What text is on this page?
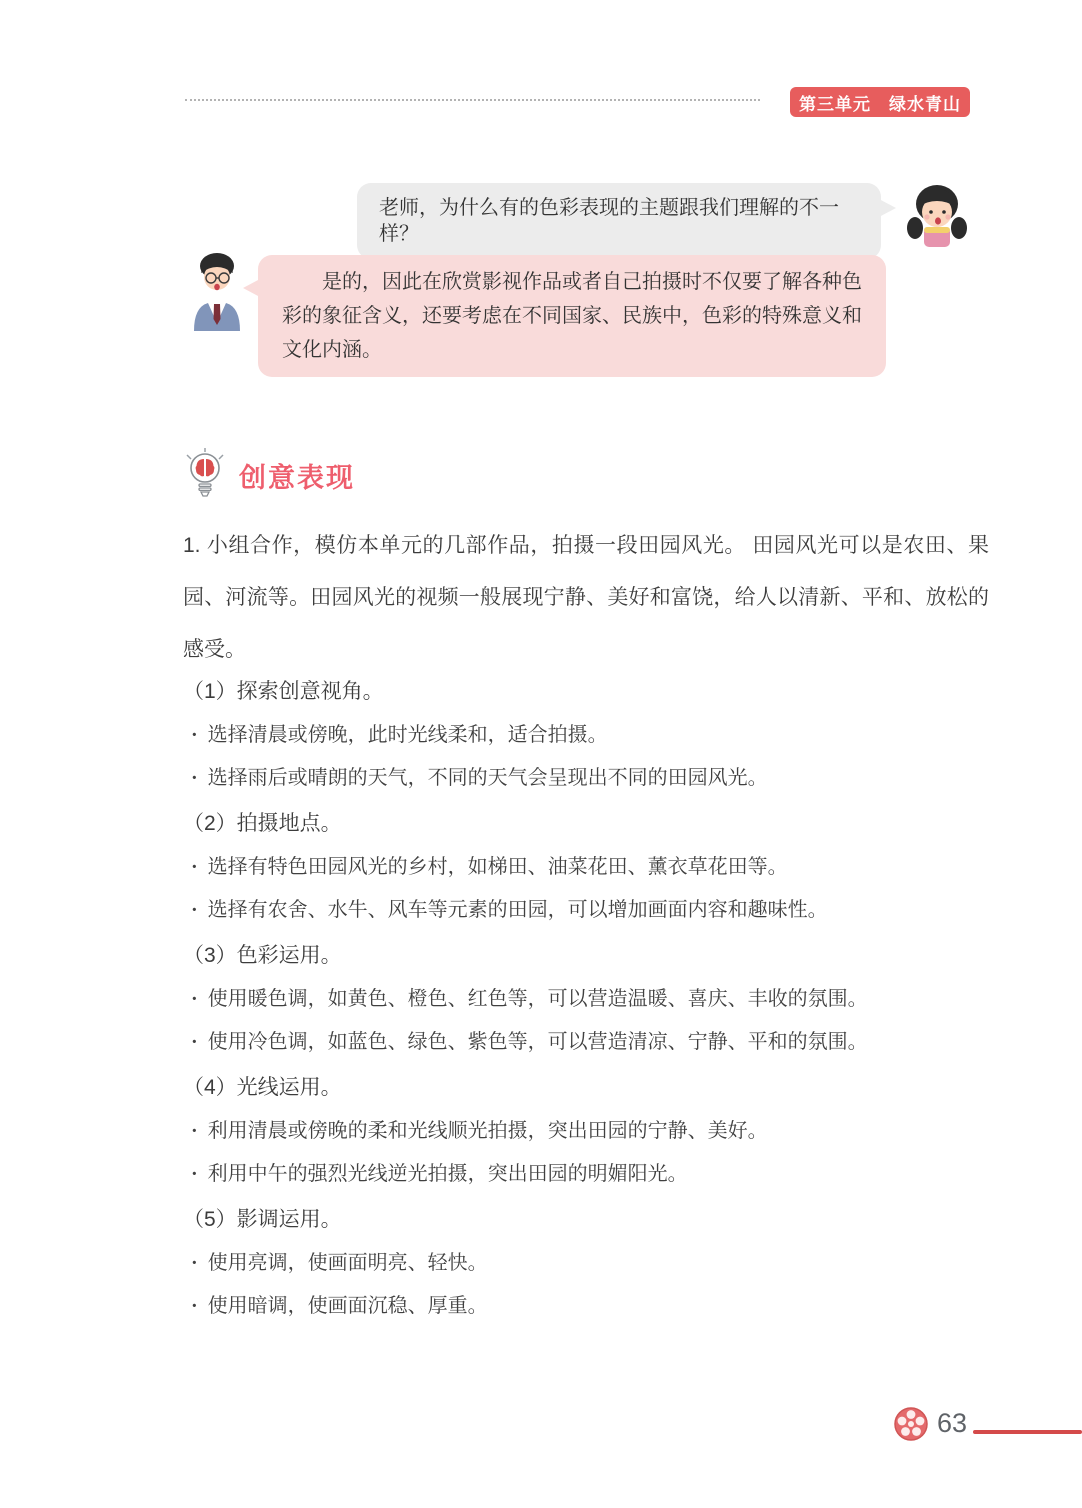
第三单元　绿水青山
老师，为什么有的色彩表现的主题跟我们理解的不一样？
是的，因此在欣赏影视作品或者自己拍摄时不仅要了解各种色彩的象征含义，还要考虑在不同国家、民族中，色彩的特殊意义和文化内涵。
创意表现

1. 小组合作，模仿本单元的几部作品，拍摄一段田园风光。 田园风光可以是农田、果园、河流等。田园风光的视频一般展现宁静、美好和富饶，给人以清新、平和、放松的感受。

（1）探索创意视角。
· 选择清晨或傍晚，此时光线柔和，适合拍摄。
· 选择雨后或晴朗的天气，不同的天气会呈现出不同的田园风光。
（2）拍摄地点。
· 选择有特色田园风光的乡村，如梯田、油菜花田、薰衣草花田等。
· 选择有农舍、水牛、风车等元素的田园，可以增加画面内容和趣味性。
（3）色彩运用。
· 使用暖色调，如黄色、橙色、红色等，可以营造温暖、喜庆、丰收的氛围。
· 使用冷色调，如蓝色、绿色、紫色等，可以营造清凉、宁静、平和的氛围。
（4）光线运用。
· 利用清晨或傍晚的柔和光线顺光拍摄，突出田园的宁静、美好。
· 利用中午的强烈光线逆光拍摄，突出田园的明媚阳光。
（5）影调运用。
· 使用亮调，使画面明亮、轻快。
· 使用暗调，使画面沉稳、厚重。
63
